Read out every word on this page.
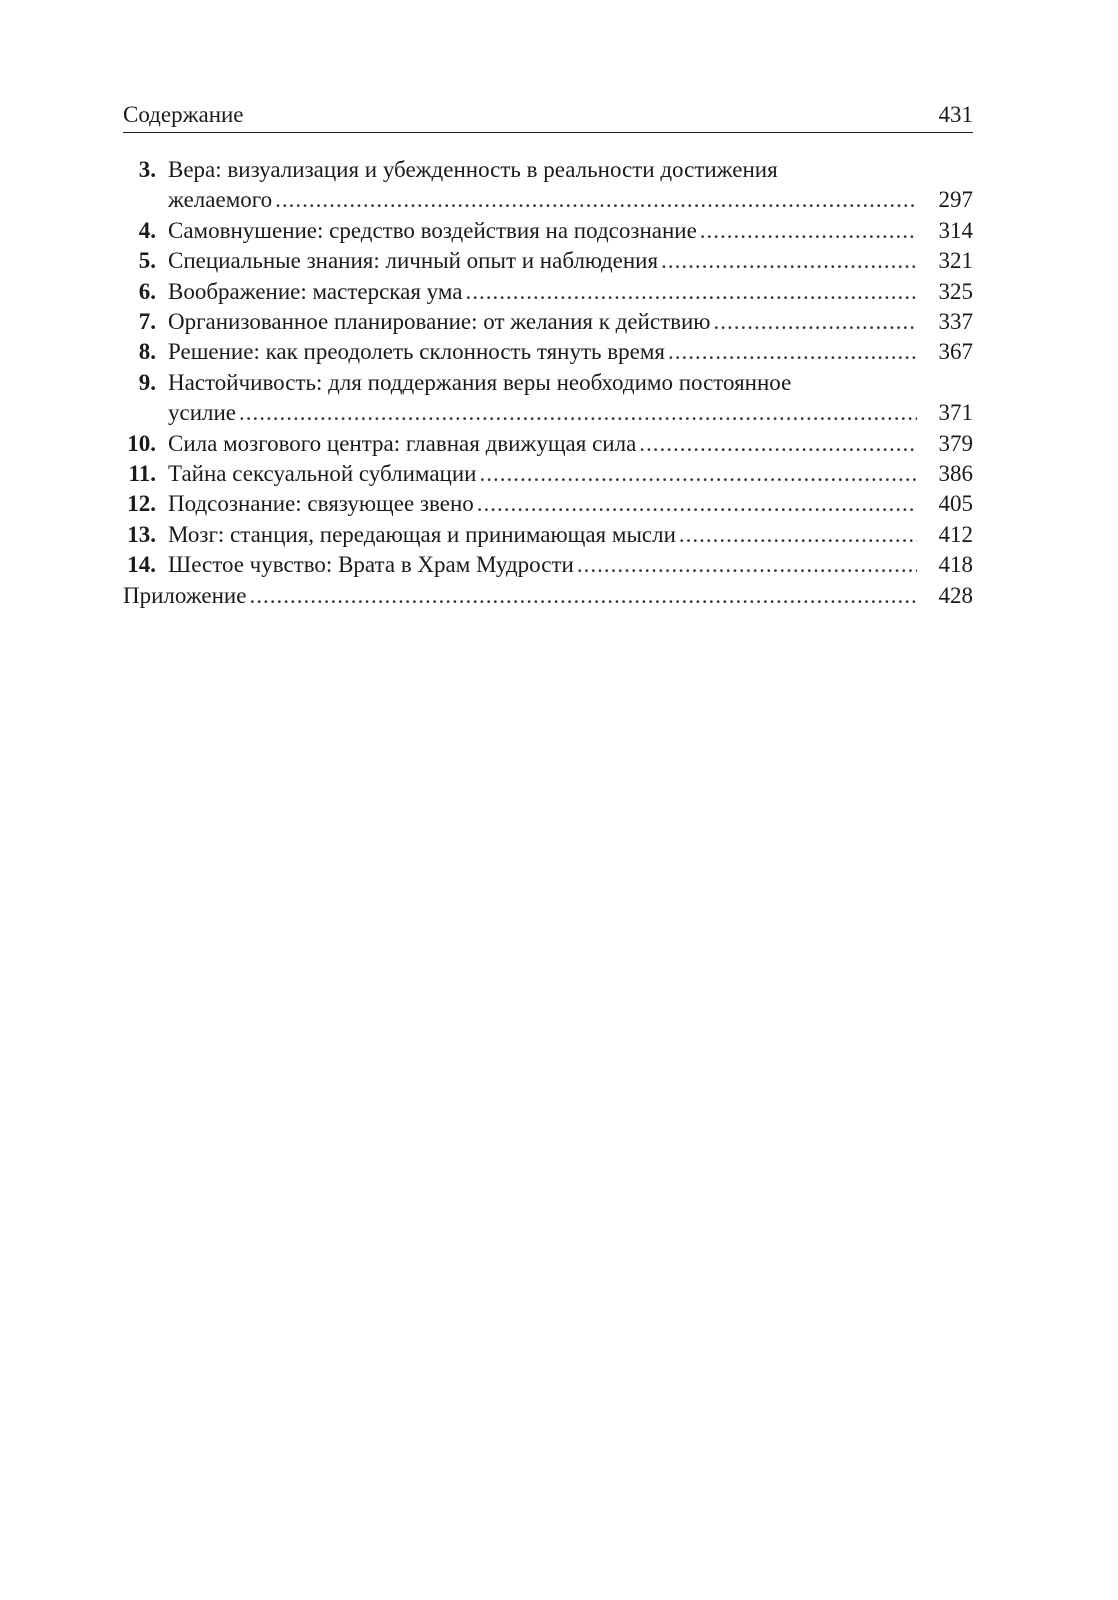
Содержание	431
3. Вера: визуализация и убежденность в реальности достижения
желаемого .....	297
4. Самовнушение: средство воздействия на подсознание .....	314
5. Специальные знания: личный опыт и наблюдения .....	321
6. Воображение: мастерская ума .....	325
7. Организованное планирование: от желания к действию .....	337
8. Решение: как преодолеть склонность тянуть время .....	367
9. Настойчивость: для поддержания веры необходимо постоянное
усилие .....	371
10. Сила мозгового центра: главная движущая сила .....	379
11. Тайна сексуальной сублимации .....	386
12. Подсознание: связующее звено .....	405
13. Мозг: станция, передающая и принимающая мысли .....	412
14. Шестое чувство: Врата в Храм Мудрости .....	418
Приложение .....	428
